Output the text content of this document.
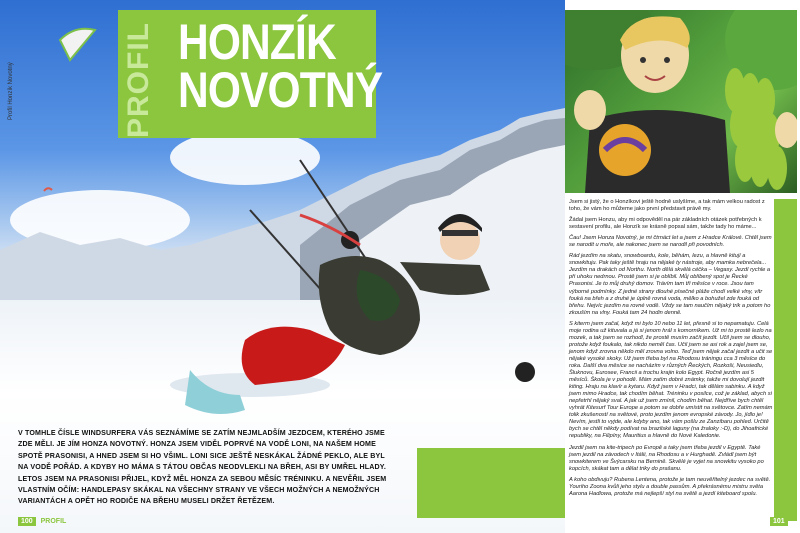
Profil Honzík Novotný	PROFIL HONZÍK NOVOTNÝ
V TOMHLE ČÍSLE WINDSURFERA VÁS SEZNÁMÍME SE ZATÍM NEJMLADŠÍM JEZDCEM, KTERÉHO JSME ZDE MĚLI. JE JÍM HONZA NOVOTNÝ. HONZA JSEM VIDĚL POPRVÉ NA VODĚ LONI, NA NAŠEM HOME SPOTĚ PRASONISI, A HNED JSEM SI HO VŠIML. LONI SICE JEŠTĚ NESKÁKAL ŽÁDNÉ PEKLO, ALE BYL NA VODĚ POŘÁD. A KDYBY HO MÁMA S TÁTOU OBČAS NEODVLEKLI NA BŘEH, ASI BY UMŘEL HLADY. LETOS JSEM NA PRASONISI PŘIJEL, KDYŽ MĚL HONZA ZA SEBOU MĚSÍC TRÉNINKU. A NEVĚŘIL JSEM VLASTNÍM OČÍM: HANDLEPASY SKÁKAL NA VŠECHNY STRANY VE VŠECH MOŽNÝCH A NEMOŽNÝCH VARIANTÁCH A OPĚT HO RODIČE NA BŘEHU MUSELI DRŽET ŘETĚZEM.
100 PROFIL

Jsem si jistý, že o Honzíkovi ještě hodně uslyšíme, a tak mám velkou radost z toho, že vám ho můžeme jako první představit právě my.

Žádal jsem Honzu, aby mi odpověděl na pár základních otázek potřebných k sestavení profilu, ale Honzík se krásně popsal sám, takže tady ho máme...

Čau! Jsem Honza Novotný, je mi čtrnáct let a jsem z Hradce Králové. Chtěl jsem se narodit u moře, ale nakonec jsem se narodil při povodních.

Rád jezdím na skatu, snowboardu, kole, běhám, lezu, a hlavně kitují a snowkituju. Pak taky ještě hraju na nějaké ty nástroje, aby mamka nebrečela... Jezdím na drakách od Northu. North dělá skvělá céčka – Vegasy. Jezdí rychle a při uhoku nedrnou. Prostě jsem si je oblíbil. Můj oblíbený spot je Řecké Prasonisi. Je to můj druhý domov. Trávím tam tři měsíce v roce. Jsou tam výborné podmínky. Z jedné strany dlouhé písečné pláže chodí velké vlny, vítr fouká na břeh a z druhé je úplně rovná voda, mělko a bohužel zde fouká od břehu. Nejvíc jezdím na rovné vodě. Vždy se tam naučím nějaký trik a potom ho zkouším na vlny. Fouká tam 24 hodin denně.

S kiterm jsem začal, když mi bylo 10 nebo 11 let, přesně si to nepamatuju. Celá moje rodina už kituvala a já si jenom hrál s komorníkem. Už mi to prostě lezlo na mozek, a tak jsem se rozhodl, že prostě musím začít jezdit. Učil jsem se dlouho, protože když foukalo, tak nikdo neměl čas. Učil jsem se asi rok a zajel jsem se, jenom když zrovna někdo měl zrovna volno. Teď jsem nějak začal jezdit a učit se nějaké vysoké skoky. Už jsem třeba byl na Rhodosu tráningu cca 3 měsíce do roka. Další dva měsíce se nacházím v různých Řeckých, Rozkoši, Neusiedlu, Šluknovu, Eurosee, Francii a trochu krajin kolo Egypt. Ročně jezdím asi 5 měsíců. Škola je v pohodě. Mám zatím dobré známky, takže mi dovolují jezdit kiting. Hraju na klavír a kytaru. Když jsem v Hradci, tak dělám sabinku. A když jsem mimo Hradce, tak chodím běhat. Tréninku v posilce, což je základ, abych si nepřetrhl nějaký sval. A jak už jsem zmínil, chodím běhat. Nejdříve bych chtěl vyhrát Kitesurf Tour Europe a potom se dobře umístit na světovce. Zatím nemám tolik zkušeností na světové, proto jezdím jenom evropské závody. Jo, jídlo je! Nevím, jestli to vyjde, ale kdyby ano, tak vám pošlu ze Zanzibaru pohled. Určitě bych se chtěl někdy podívat na brazilské laguny (na žraloky :-D), do Jihoafrické republiky, na Filipíny, Mauritius a hlavně do Nové Kaledonie.

Jezdil jsem na kite-tripech po Evropě a taky jsem třeba jezdil v Egyptě. Také jsem jezdil na závodech v Itálii, na Rhodosu a v Hurghadě. Zvládl jsem být snowkiterem ve Švýcarsku na Bernině. Skvělé je vyjet na snowkitu vysoko po kopcích, skákat tam a dělat triky do prašanu.

A koho obdivuju? Rubena Lentena, protože je tam neuvěřitelný jezdec na světě. Youriho Zoona kvůli jeho stylu a double passům. A překrásnému mistru světa Aarona Hadlowa, protože má nejlepší styl na světě a jezdí kiteboard spolu.

101
